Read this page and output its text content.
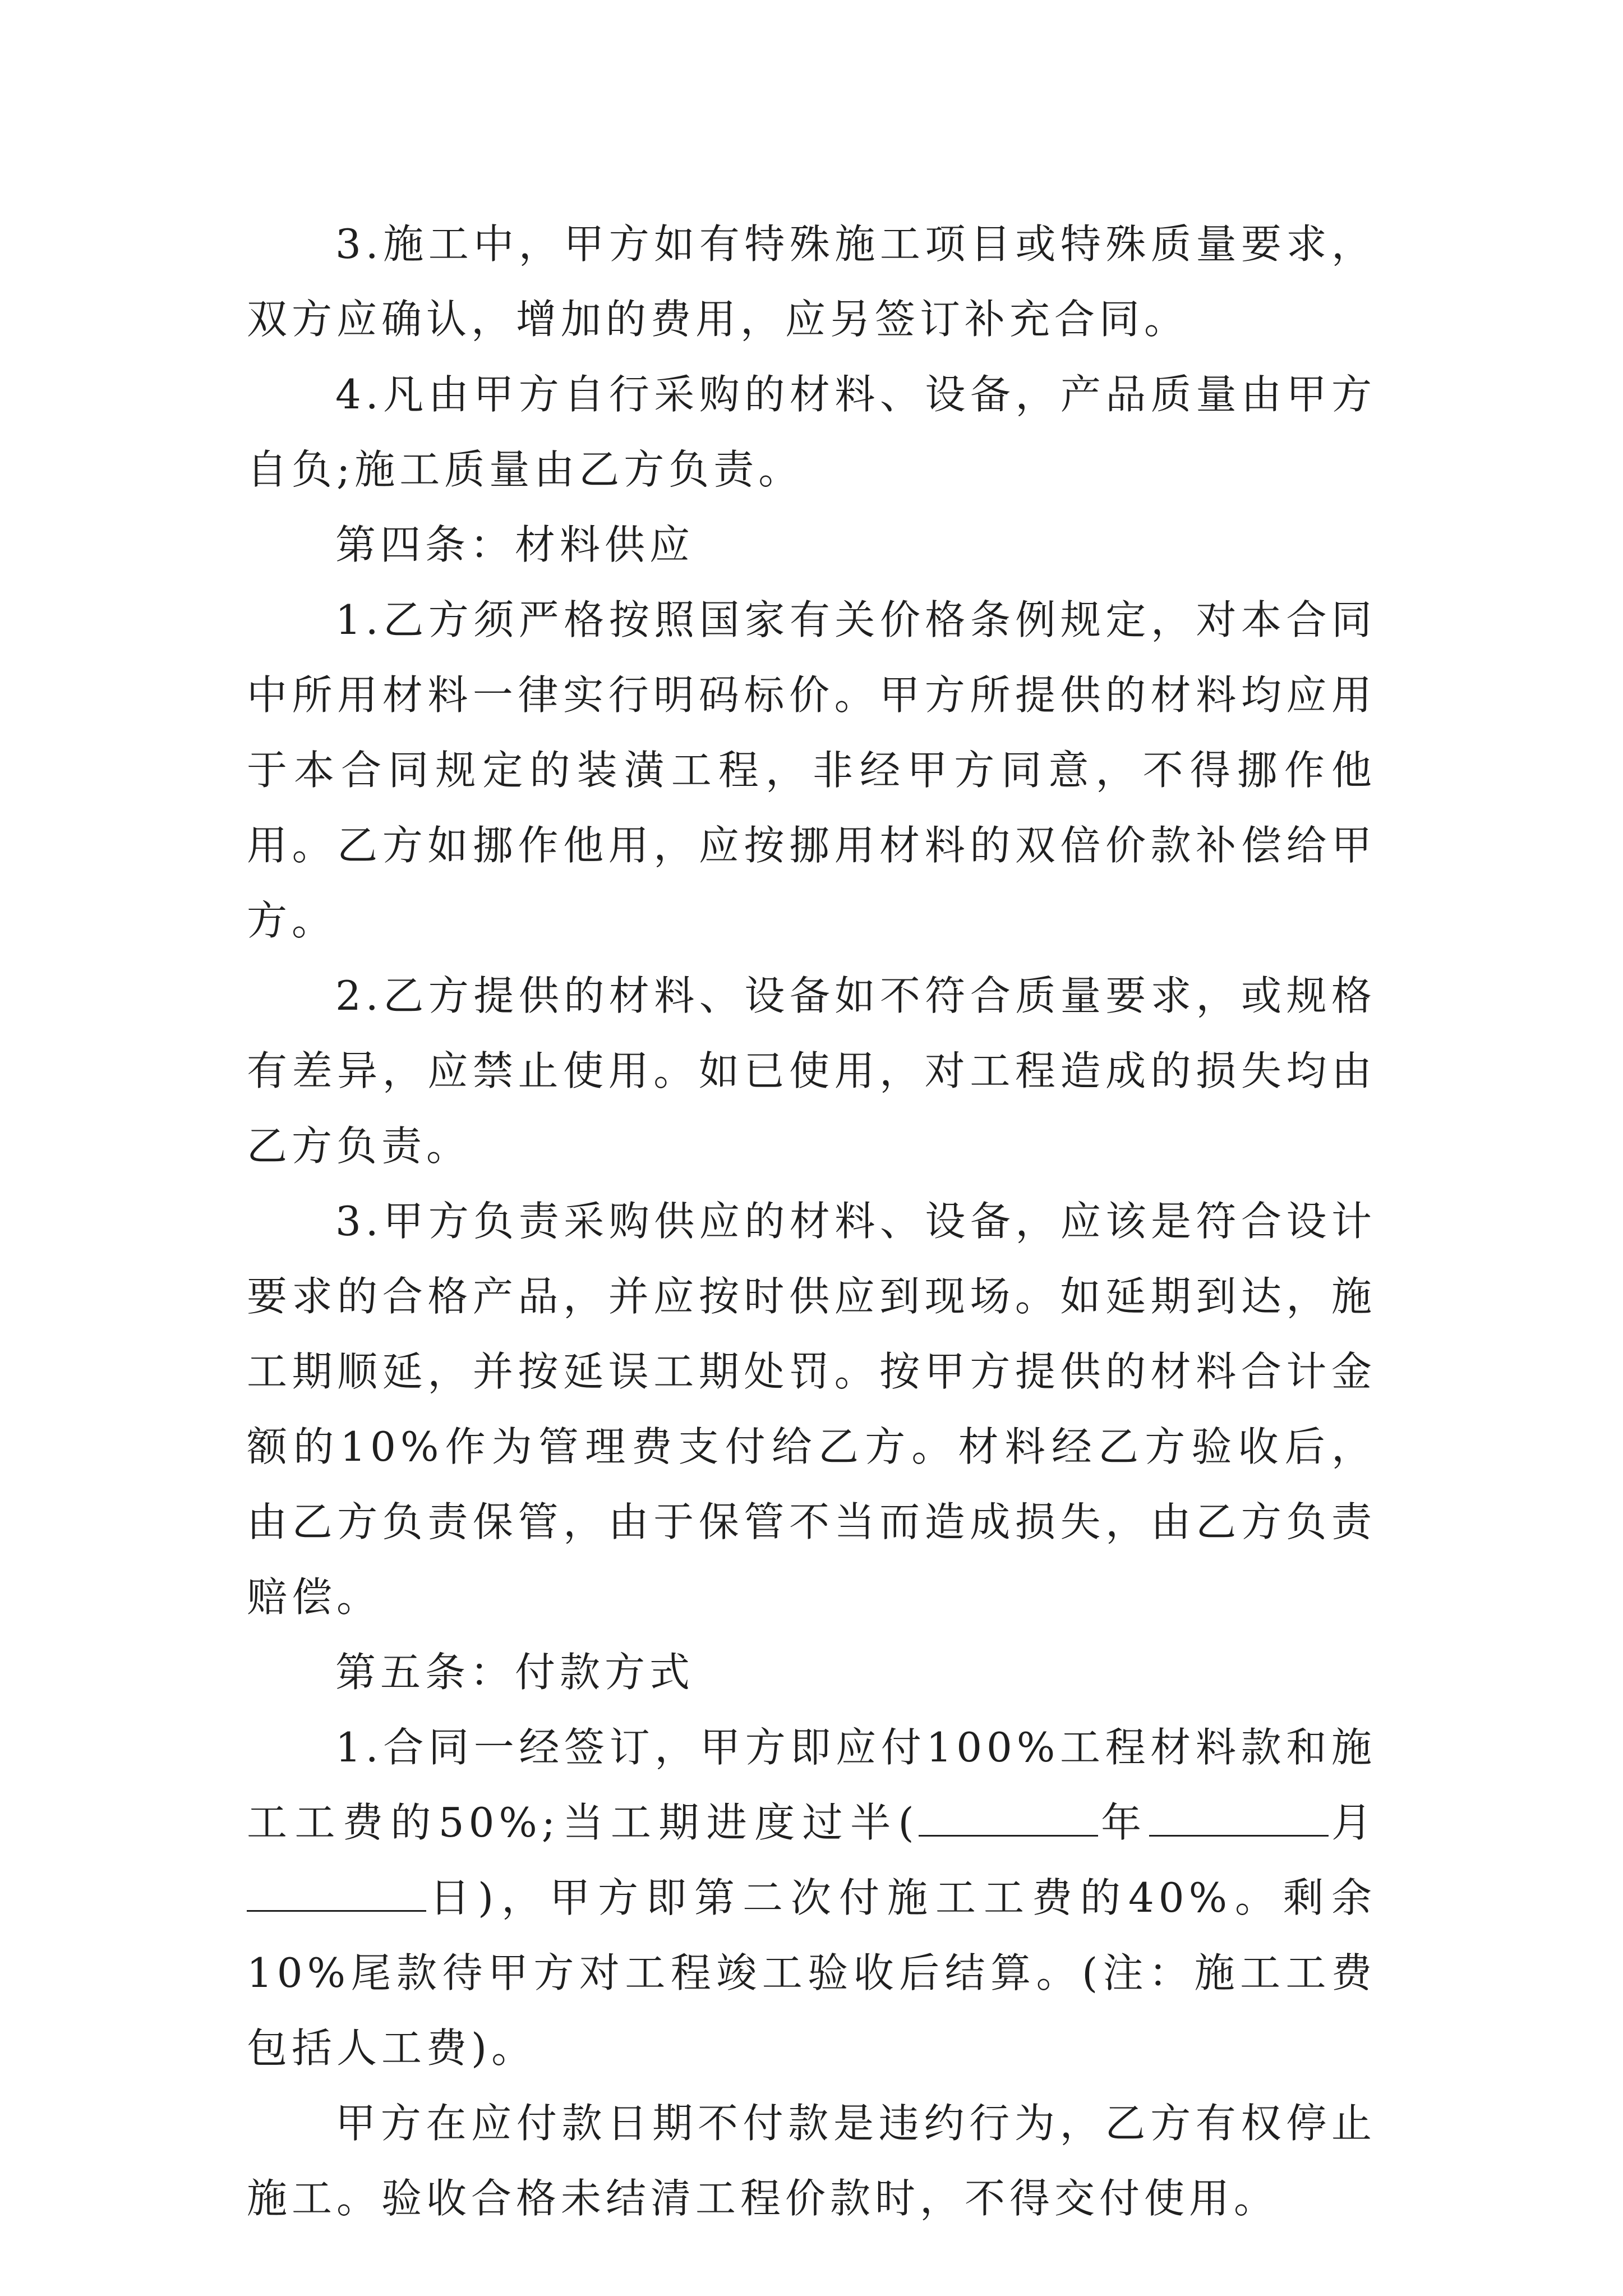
3.施工中，甲方如有特殊施工项目或特殊质量要求，双方应确认，增加的费用，应另签订补充合同。

4.凡由甲方自行采购的材料、设备，产品质量由甲方自负;施工质量由乙方负责。

第四条：材料供应

1.乙方须严格按照国家有关价格条例规定，对本合同中所用材料一律实行明码标价。甲方所提供的材料均应用于本合同规定的装潢工程，非经甲方同意，不得挪作他用。乙方如挪作他用，应按挪用材料的双倍价款补偿给甲方。

2.乙方提供的材料、设备如不符合质量要求，或规格有差异，应禁止使用。如已使用，对工程造成的损失均由乙方负责。

3.甲方负责采购供应的材料、设备，应该是符合设计要求的合格产品，并应按时供应到现场。如延期到达，施工期顺延，并按延误工期处罚。按甲方提供的材料合计金额的10%作为管理费支付给乙方。材料经乙方验收后，由乙方负责保管，由于保管不当而造成损失，由乙方负责赔偿。

第五条：付款方式

1.合同一经签订，甲方即应付100%工程材料款和施工工费的50%;当工期进度过半(	年	月日)，甲方即第二次付施工工费的40%。剩余10%尾款待甲方对工程竣工验收后结算。(注：施工工费包括人工费)。

甲方在应付款日期不付款是违约行为，乙方有权停止施工。验收合格未结清工程价款时，不得交付使用。
